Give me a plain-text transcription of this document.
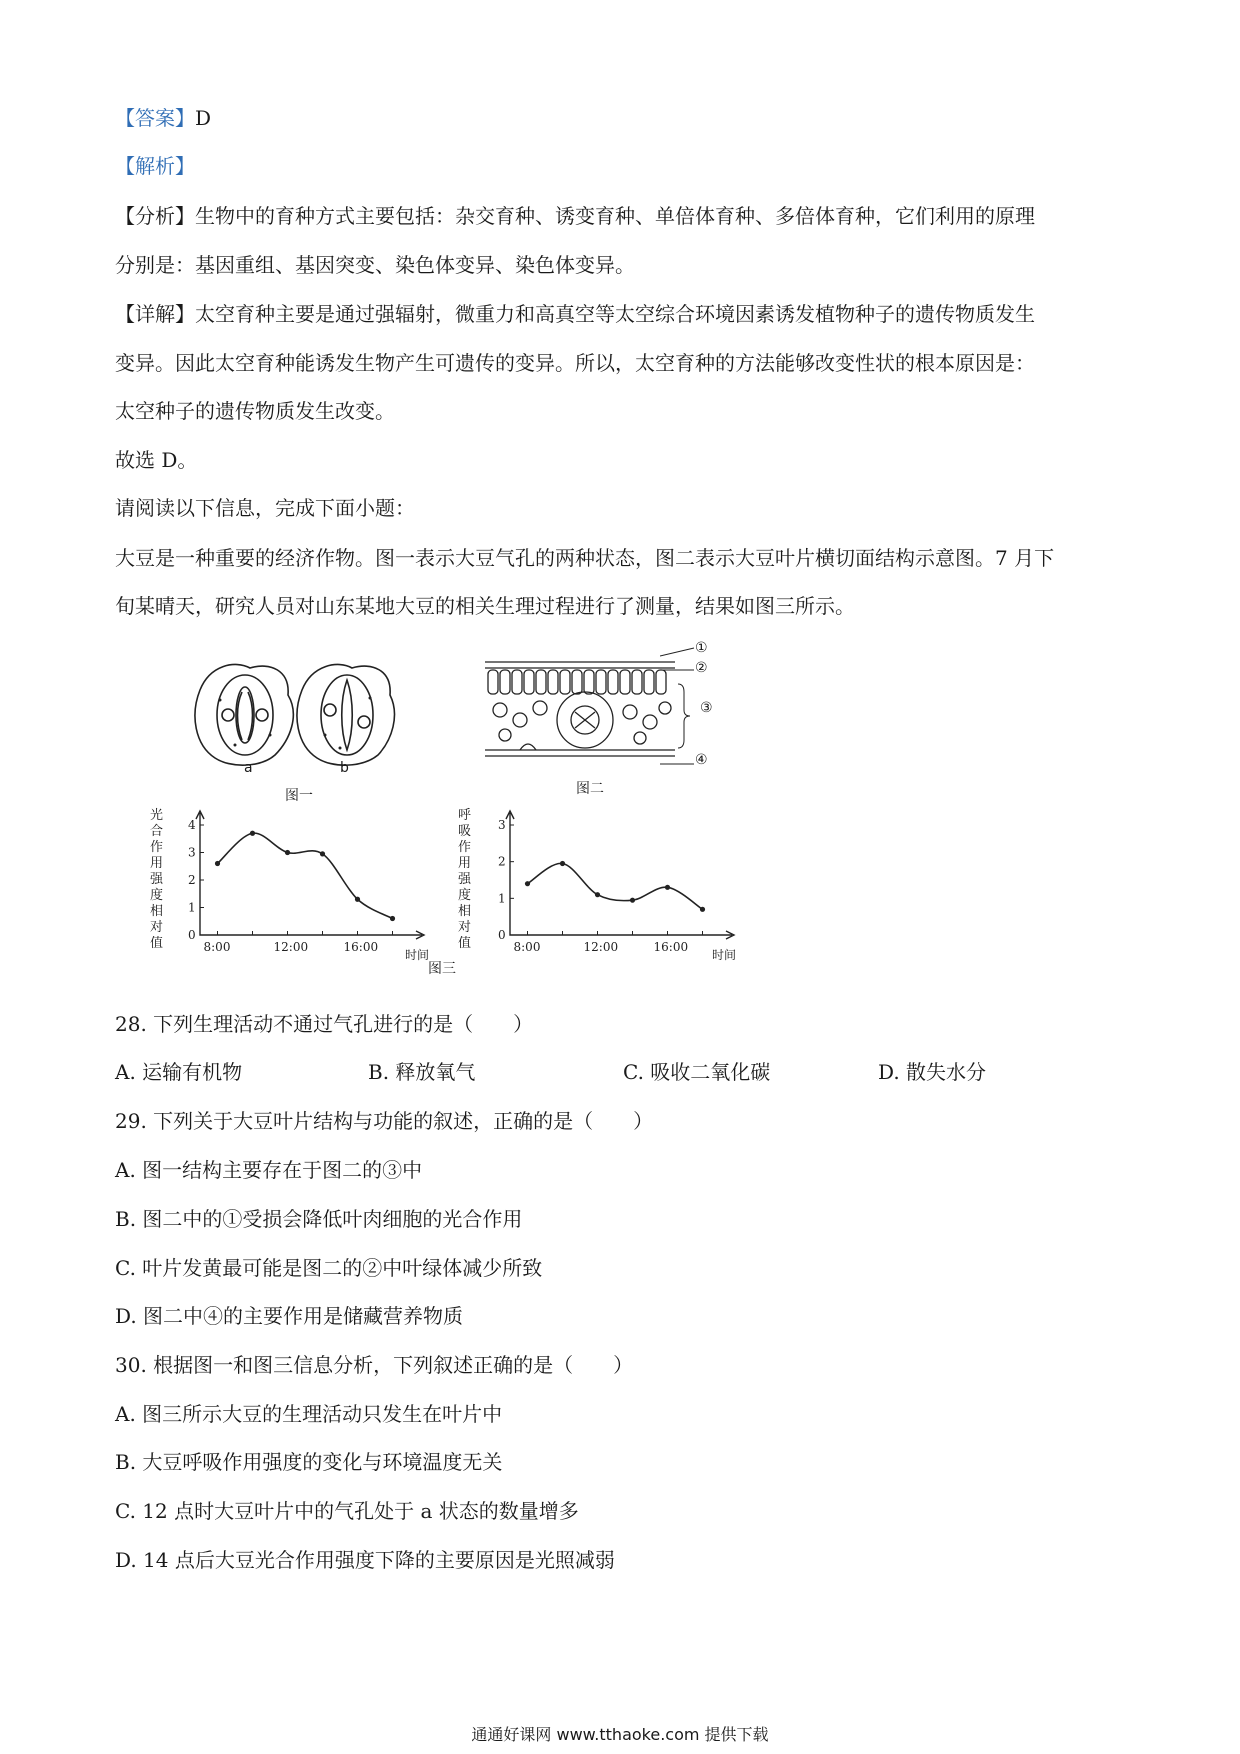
【答案】D
【解析】
【分析】生物中的育种方式主要包括：杂交育种、诱变育种、单倍体育种、多倍体育种，它们利用的原理
分别是：基因重组、基因突变、染色体变异、染色体变异。
【详解】太空育种主要是通过强辐射，微重力和高真空等太空综合环境因素诱发植物种子的遗传物质发生
变异。因此太空育种能诱发生物产生可遗传的变异。所以，太空育种的方法能够改变性状的根本原因是：
太空种子的遗传物质发生改变。
故选 D。
请阅读以下信息，完成下面小题：
大豆是一种重要的经济作物。图一表示大豆气孔的两种状态，图二表示大豆叶片横切面结构示意图。7 月下
旬某晴天，研究人员对山东某地大豆的相关生理过程进行了测量，结果如图三所示。
a	b
图一
①
②
③
④
图二
0
1
2
3
4
8:00	12:00	16:00
光合作用强度相对值
时间
0
1
2
3
8:00	12:00	16:00
呼吸作用强度相对值
时间
图三
28. 下列生理活动不通过气孔进行的是（　　）
A. 运输有机物	B. 释放氧气	C. 吸收二氧化碳	D. 散失水分
29. 下列关于大豆叶片结构与功能的叙述，正确的是（　　）
A. 图一结构主要存在于图二的③中
B. 图二中的①受损会降低叶肉细胞的光合作用
C. 叶片发黄最可能是图二的②中叶绿体减少所致
D. 图二中④的主要作用是储藏营养物质
30. 根据图一和图三信息分析，下列叙述正确的是（　　）
A. 图三所示大豆的生理活动只发生在叶片中
B. 大豆呼吸作用强度的变化与环境温度无关
C. 12 点时大豆叶片中的气孔处于 a 状态的数量增多
D. 14 点后大豆光合作用强度下降的主要原因是光照减弱
通通好课网 www.tthaoke.com 提供下载
